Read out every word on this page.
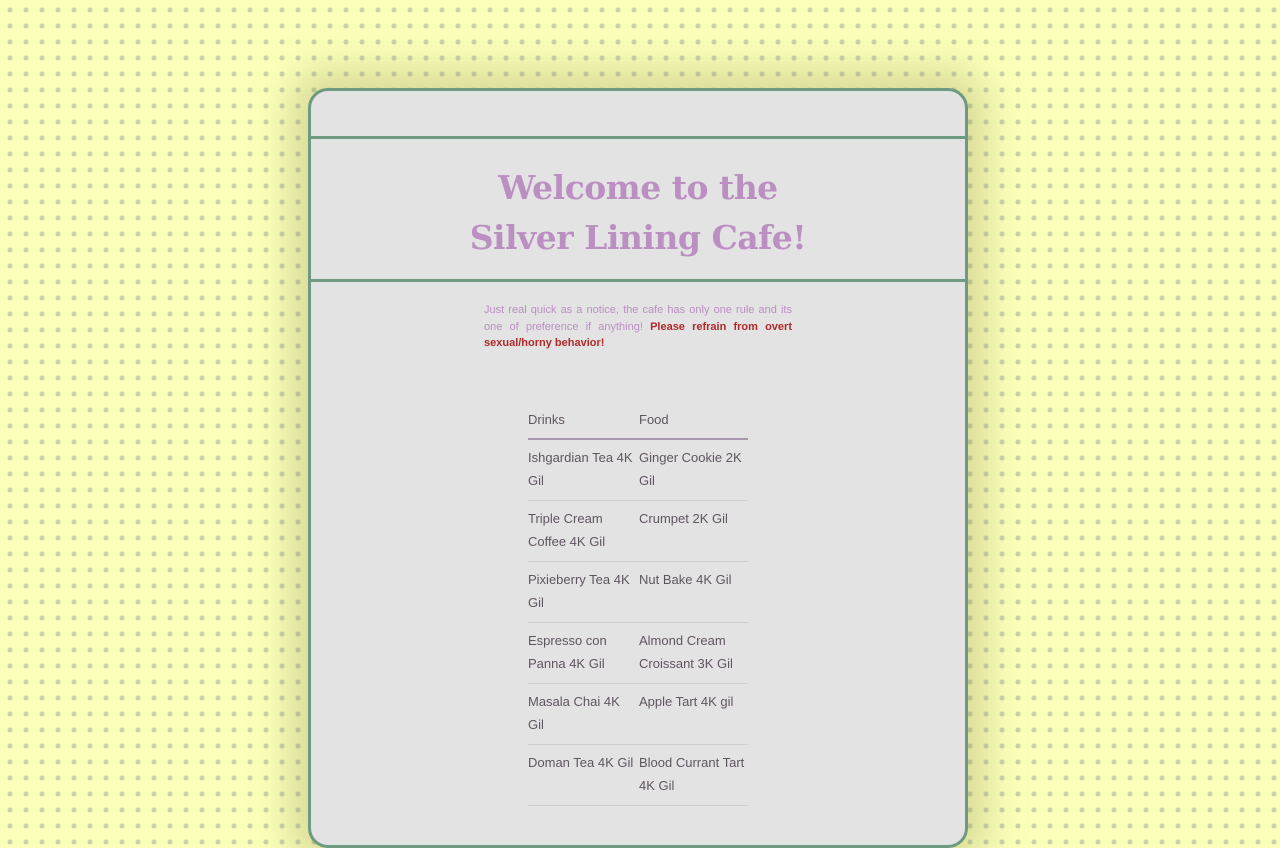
Welcome to the
Silver Lining Cafe!

Just real quick as a notice, the cafe has only one rule and its one of preference if anything! Please refrain from overt sexual/horny behavior!

Drinks	Food
Ishgardian Tea 4K Gil	Ginger Cookie 2K Gil
Triple Cream Coffee 4K Gil	Crumpet 2K Gil
Pixieberry Tea 4K Gil	Nut Bake 4K Gil
Espresso con Panna 4K Gil	Almond Cream Croissant 3K Gil
Masala Chai 4K Gil	Apple Tart 4K gil
Doman Tea 4K Gil	Blood Currant Tart 4K Gil
